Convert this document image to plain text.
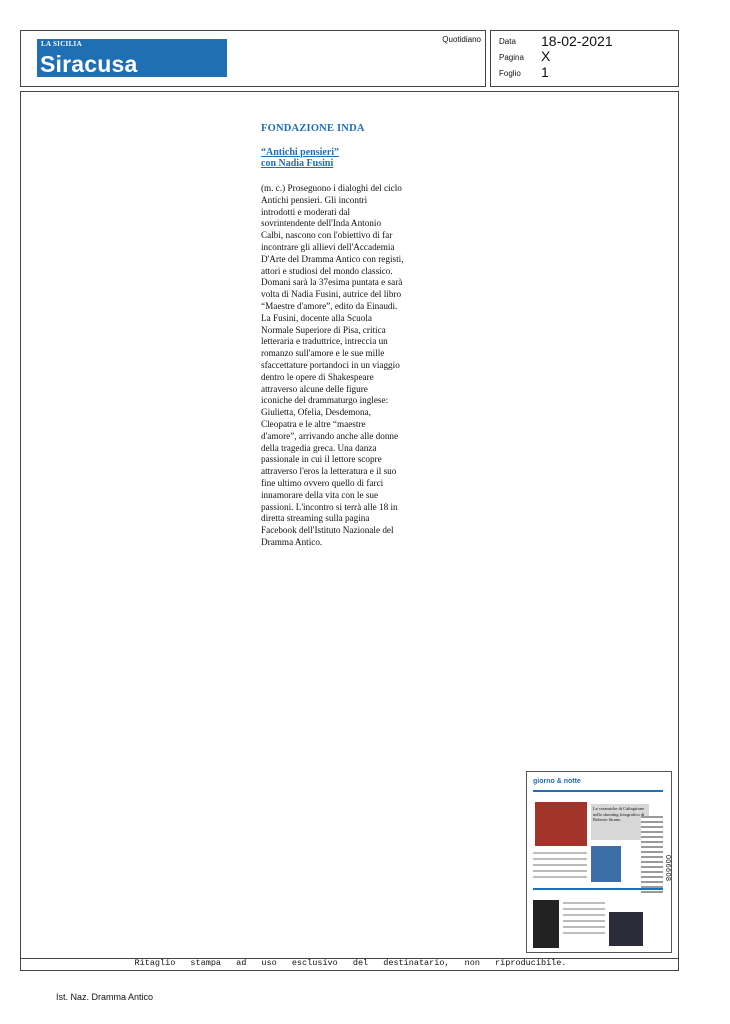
LA SICILIA
Siracusa
Quotidiano Data 18-02-2021
Pagina X
Foglio 1
FONDAZIONE INDA
“Antichi pensieri”
con Nadia Fusini

(m. c.) Proseguono i dialoghi del ciclo
Antichi pensieri. Gli incontri
introdotti e moderati dal
sovrintendente dell'Inda Antonio
Calbi, nascono con l'obiettivo di far
incontrare gli allievi dell'Accademia
D'Arte del Dramma Antico con registi,
attori e studiosi del mondo classico.
Domani sarà la 37esima puntata e sarà
volta di Nadia Fusini, autrice del libro
“Maestre d'amore”, edito da Einaudi.
La Fusini, docente alla Scuola
Normale Superiore di Pisa, critica
letteraria e traduttrice, intreccia un
romanzo sull'amore e le sue mille
sfaccettature portandoci in un viaggio
dentro le opere di Shakespeare
attraverso alcune delle figure
iconiche del drammaturgo inglese:
Giulietta, Ofelia, Desdemona,
Cleopatra e le altre “maestre
d'amore”, arrivando anche alle donne
della tragedia greca. Una danza
passionale in cui il lettore scopre
attraverso l'eros la letteratura e il suo
fine ultimo ovvero quello di farci
innamorare della vita con le sue
passioni. L'incontro si terrà alle 18 in
diretta streaming sulla pagina
Facebook dell'Istituto Nazionale del
Dramma Antico.

giorno & notte
Le ceramiche di Caltagirone nello shooting fotografico di Roberto Strano
006608
Ritaglio stampa ad uso esclusivo del destinatario, non riproducibile.
Ist. Naz. Dramma Antico
